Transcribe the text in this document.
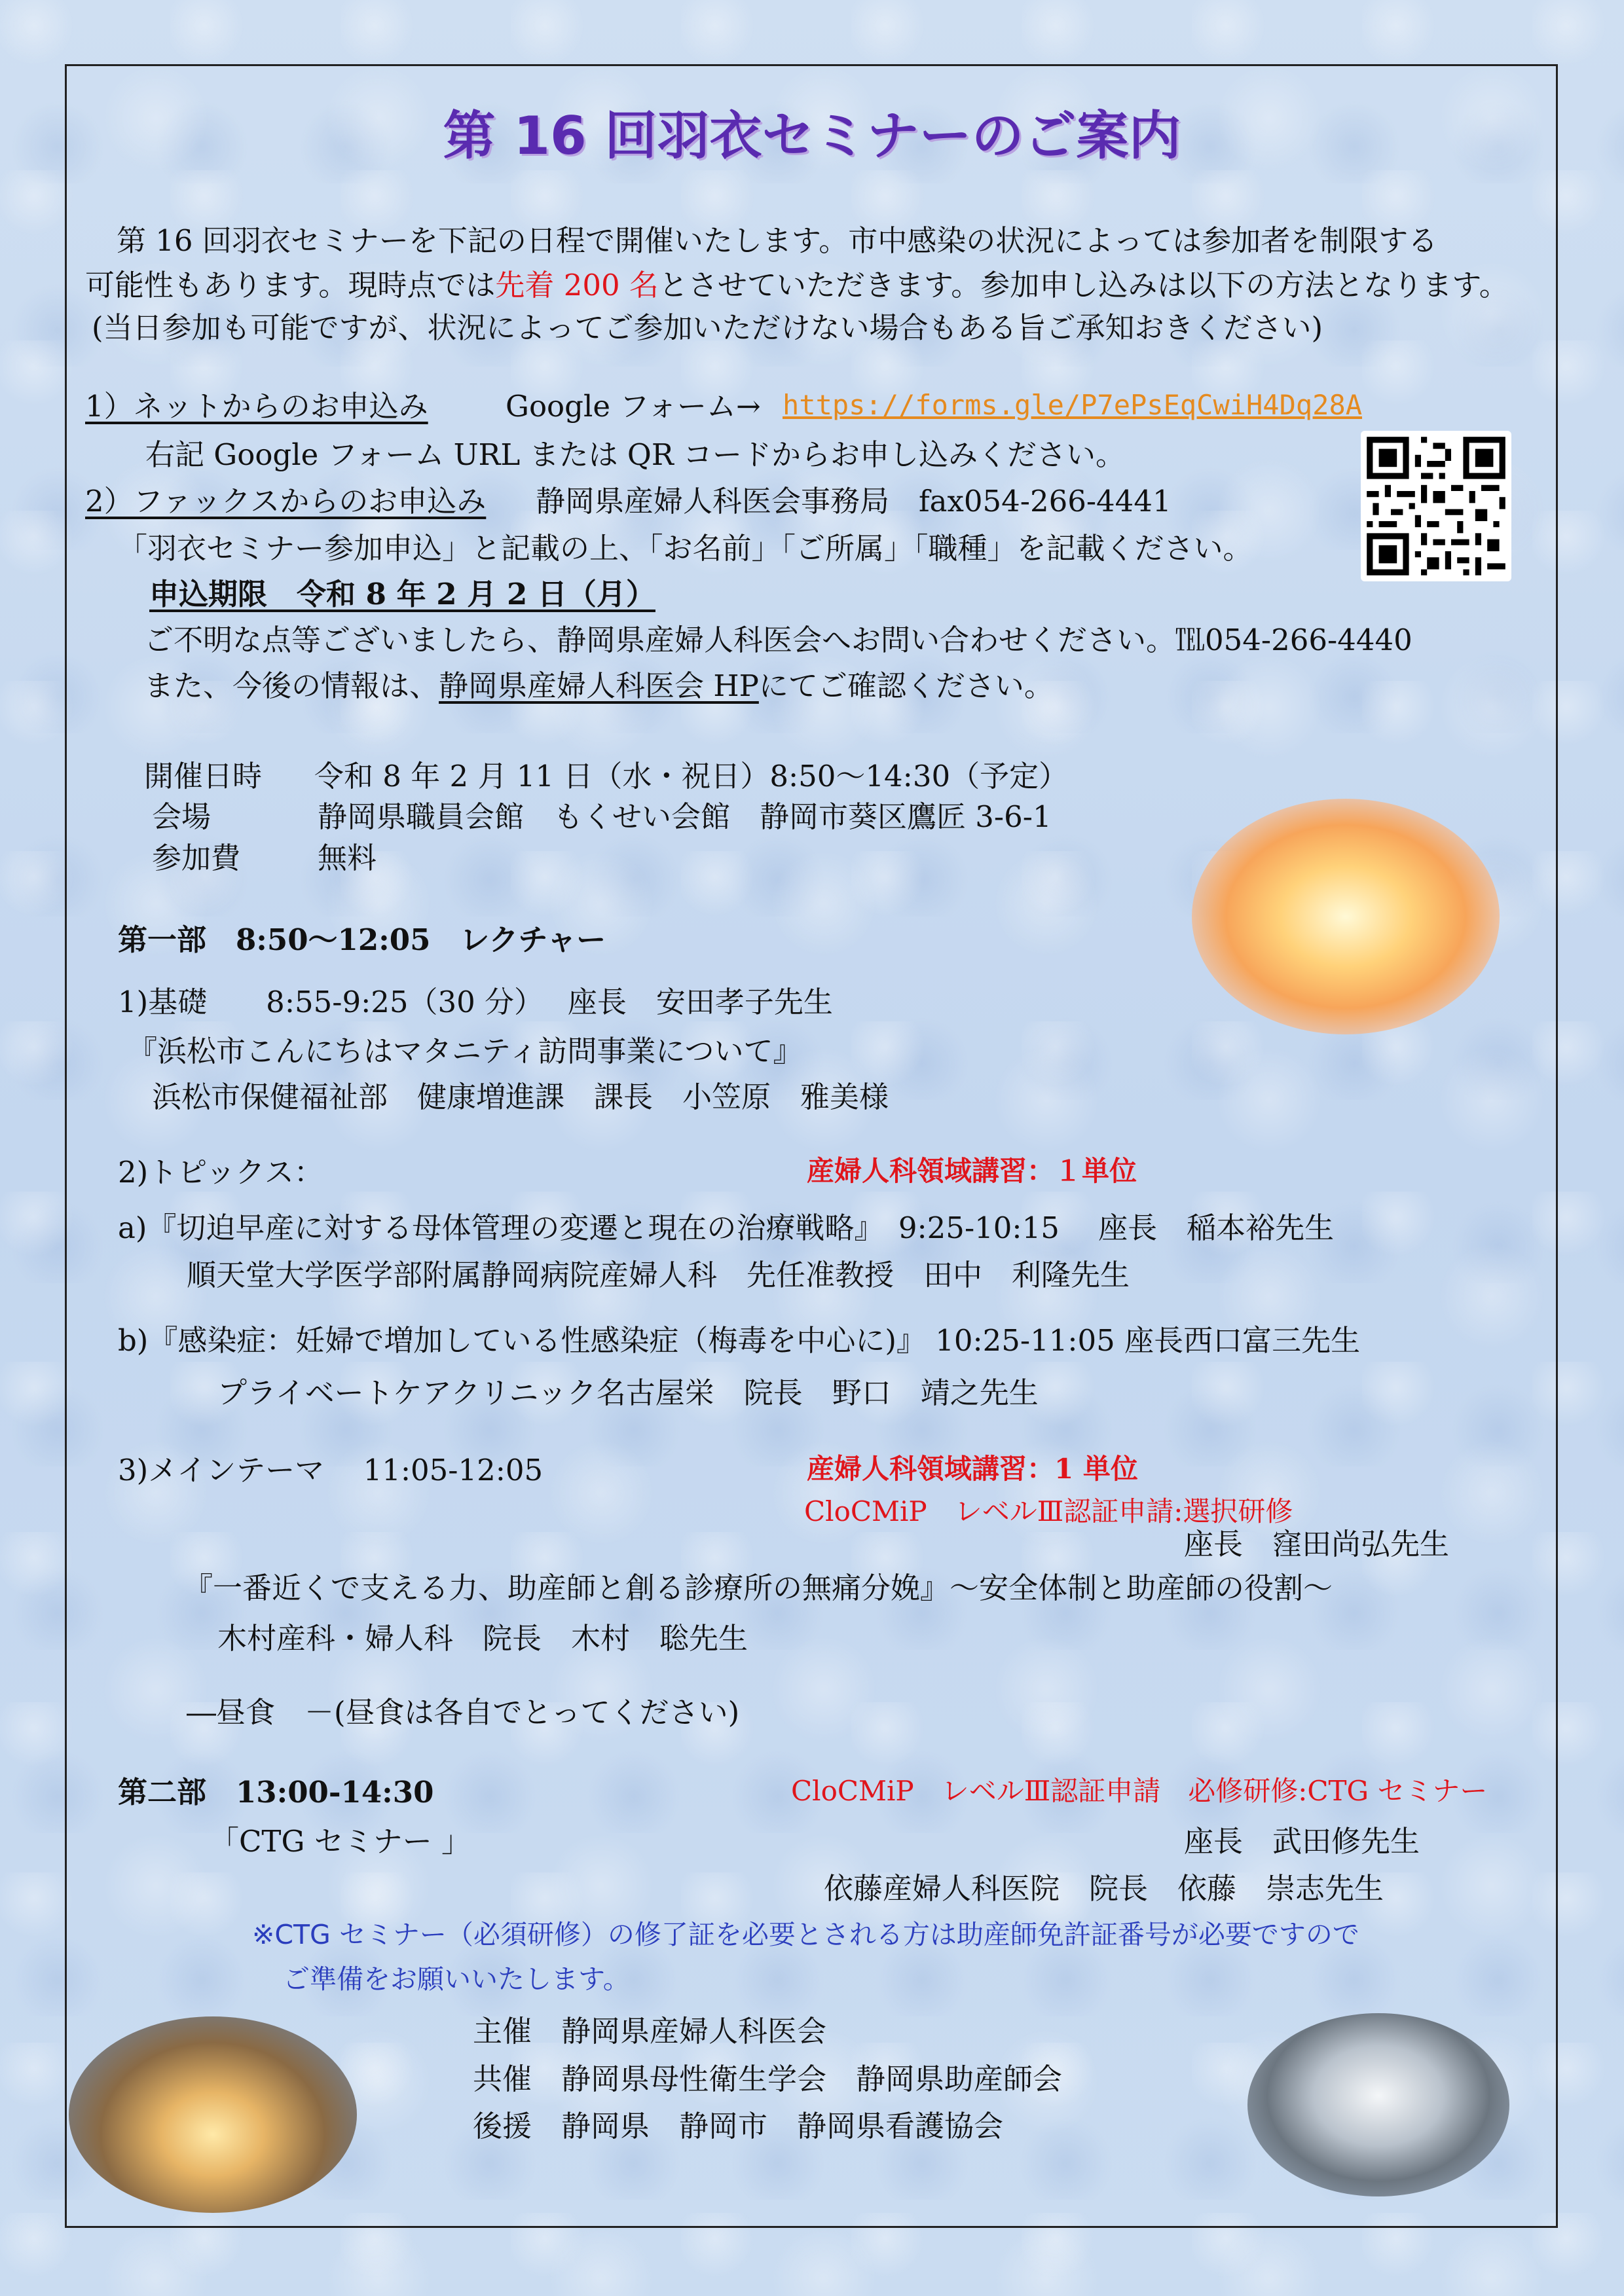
第 16 回羽衣セミナーのご案内
第 16 回羽衣セミナーを下記の日程で開催いたします。市中感染の状況によっては参加者を制限する
可能性もあります。現時点では先着 200 名とさせていただきます。参加申し込みは以下の方法となります。
(当日参加も可能ですが、状況によってご参加いただけない場合もある旨ご承知おきください)
1）ネットからのお申込み	Google フォーム→ https://forms.gle/P7ePsEqCwiH4Dq28A
右記 Google フォーム URL または QR コードからお申し込みください。
2）ファックスからのお申込み 静岡県産婦人科医会事務局　fax054-266-4441
「羽衣セミナー参加申込」と記載の上、「お名前」「ご所属」「職種」を記載ください。
申込期限　令和 8 年 2 月 2 日（月）
ご不明な点等ございましたら、静岡県産婦人科医会へお問い合わせください。℡054-266-4440
また、今後の情報は、静岡県産婦人科医会 HPにてご確認ください。
開催日時 令和 8 年 2 月 11 日（水・祝日）8:50～14:30（予定）
会場	静岡県職員会館　もくせい会館　静岡市葵区鷹匠 3-6-1
参加費	無料
第一部　8:50～12:05　レクチャー
1)基礎　　8:55-9:25（30 分）　 座長　安田孝子先生
『浜松市こんにちはマタニティ訪問事業について』
浜松市保健福祉部　健康増進課　課長　小笠原　雅美様
2)トピックス：	産婦人科領域講習：１単位
a)『切迫早産に対する母体管理の変遷と現在の治療戦略』　9:25-10:15　 座長　稲本裕先生
順天堂大学医学部附属静岡病院産婦人科　先任准教授　田中　利隆先生
b)『感染症：妊婦で増加している性感染症（梅毒を中心に)』 10:25-11:05 座長西口富三先生
プライベートケアクリニック名古屋栄　院長　野口　靖之先生
3)メインテーマ　 11:05-12:05	産婦人科領域講習：1 単位
CloCMiP　レベルⅢ認証申請:選択研修
座長　窪田尚弘先生
『一番近くで支える力、助産師と創る診療所の無痛分娩』～安全体制と助産師の役割～
木村産科・婦人科　院長　木村　聡先生
―昼食　－(昼食は各自でとってください)
第二部　13:00-14:30	CloCMiP　レベルⅢ認証申請　必修研修:CTG セミナー
「CTG セミナー 」	座長　武田修先生
依藤産婦人科医院　院長　依藤　崇志先生
※CTG セミナー（必須研修）の修了証を必要とされる方は助産師免許証番号が必要ですので
ご準備をお願いいたします。
主催　静岡県産婦人科医会
共催　静岡県母性衛生学会　静岡県助産師会
後援　静岡県　静岡市　静岡県看護協会
